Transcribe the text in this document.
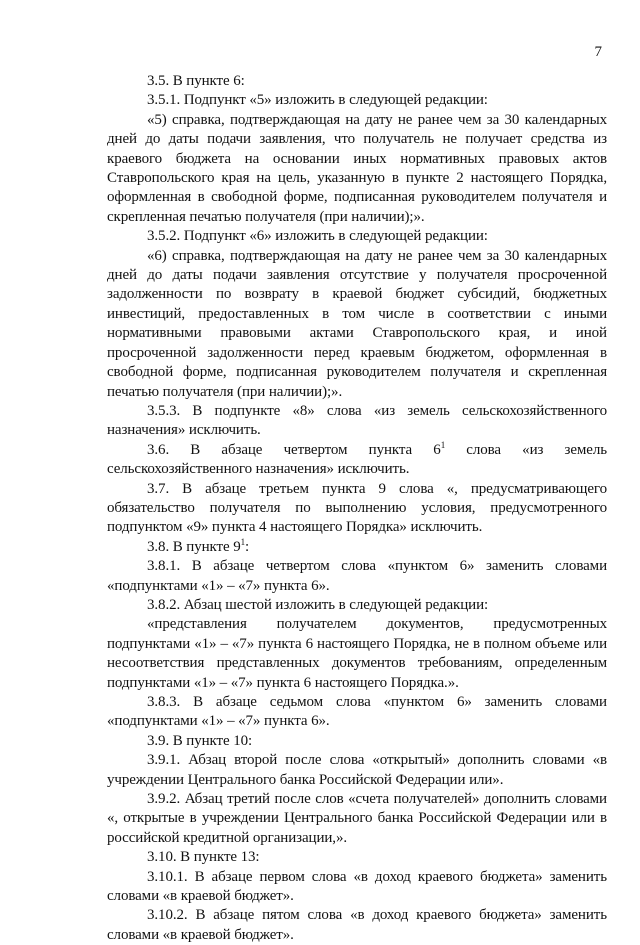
7

3.5. В пункте 6:

3.5.1. Подпункт «5» изложить в следующей редакции:

«5) справка, подтверждающая на дату не ранее чем за 30 календарных дней до даты подачи заявления, что получатель не получает средства из краевого бюджета на основании иных нормативных правовых актов Ставропольского края на цель, указанную в пункте 2 настоящего Порядка, оформленная в свободной форме, подписанная руководителем получателя и скрепленная печатью получателя (при наличии);».

3.5.2. Подпункт «6» изложить в следующей редакции:

«6) справка, подтверждающая на дату не ранее чем за 30 календарных дней до даты подачи заявления отсутствие у получателя просроченной задолженности по возврату в краевой бюджет субсидий, бюджетных инвестиций, предоставленных в том числе в соответствии с иными нормативными правовыми актами Ставропольского края, и иной просроченной задолженности перед краевым бюджетом, оформленная в свободной форме, подписанная руководителем получателя и скрепленная печатью получателя (при наличии);».

3.5.3. В подпункте «8» слова «из земель сельскохозяйственного назначения» исключить.

3.6. В абзаце четвертом пункта $6^1$ слова «из земель сельскохозяйственного назначения» исключить.

3.7. В абзаце третьем пункта 9 слова «, предусматривающего обязательство получателя по выполнению условия, предусмотренного подпунктом «9» пункта 4 настоящего Порядка» исключить.

3.8. В пункте $9^1$:

3.8.1. В абзаце четвертом слова «пунктом 6» заменить словами «подпунктами «1» – «7» пункта 6».

3.8.2. Абзац шестой изложить в следующей редакции:

«представления получателем документов, предусмотренных подпунктами «1» – «7» пункта 6 настоящего Порядка, не в полном объеме или несоответствия представленных документов требованиям, определенным подпунктами «1» – «7» пункта 6 настоящего Порядка.».

3.8.3. В абзаце седьмом слова «пунктом 6» заменить словами «подпунктами «1» – «7» пункта 6».

3.9. В пункте 10:

3.9.1. Абзац второй после слова «открытый» дополнить словами «в учреждении Центрального банка Российской Федерации или».

3.9.2. Абзац третий после слов «счета получателей» дополнить словами «, открытые в учреждении Центрального банка Российской Федерации или в российской кредитной организации,».

3.10. В пункте 13:

3.10.1. В абзаце первом слова «в доход краевого бюджета» заменить словами «в краевой бюджет».

3.10.2. В абзаце пятом слова «в доход краевого бюджета» заменить словами «в краевой бюджет».
